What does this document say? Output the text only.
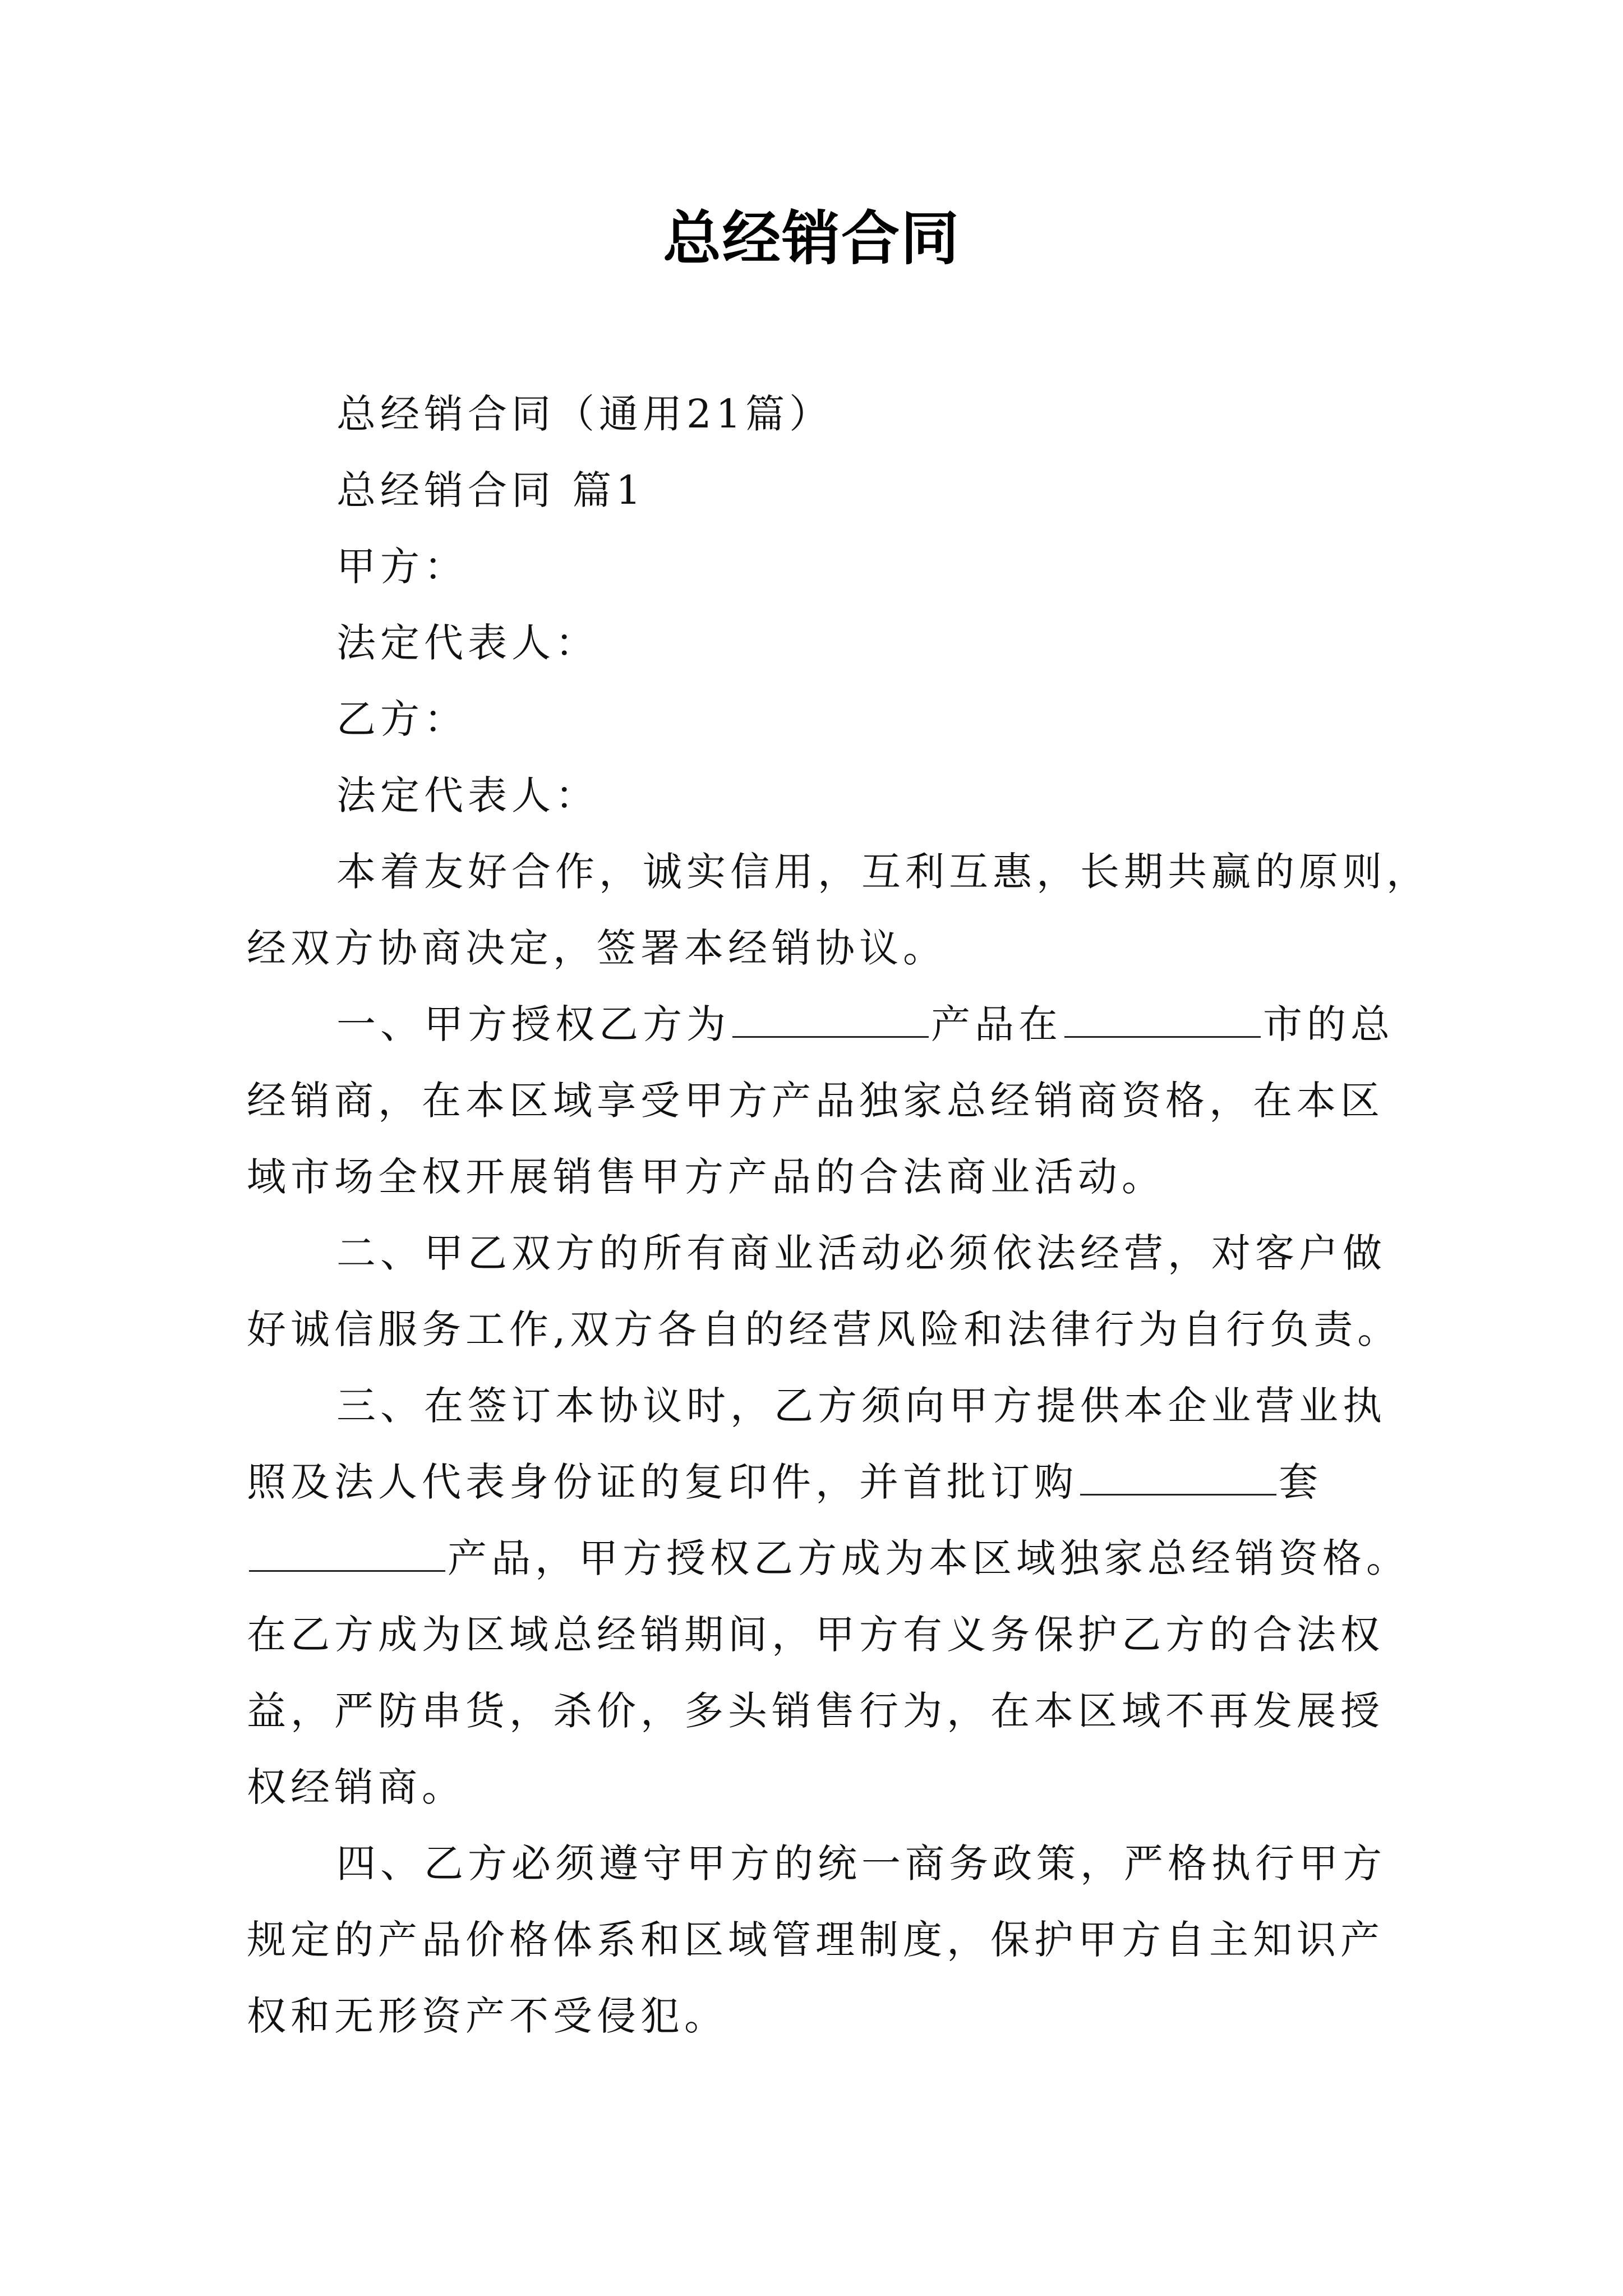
总经销合同
总经销合同（通用21篇）
总经销合同 篇1
甲方：
法定代表人：
乙方：
法定代表人：
本着友好合作，诚实信用，互利互惠，长期共赢的原则，
经双方协商决定，签署本经销协议。
一、甲方授权乙方为	产品在	市的总
经销商，在本区域享受甲方产品独家总经销商资格，在本区
域市场全权开展销售甲方产品的合法商业活动。
二、甲乙双方的所有商业活动必须依法经营，对客户做
好诚信服务工作,双方各自的经营风险和法律行为自行负责。
三、在签订本协议时，乙方须向甲方提供本企业营业执
照及法人代表身份证的复印件，并首批订购	套
产品，甲方授权乙方成为本区域独家总经销资格。
在乙方成为区域总经销期间，甲方有义务保护乙方的合法权
益，严防串货，杀价，多头销售行为，在本区域不再发展授
权经销商。
四、乙方必须遵守甲方的统一商务政策，严格执行甲方
规定的产品价格体系和区域管理制度，保护甲方自主知识产
权和无形资产不受侵犯。
